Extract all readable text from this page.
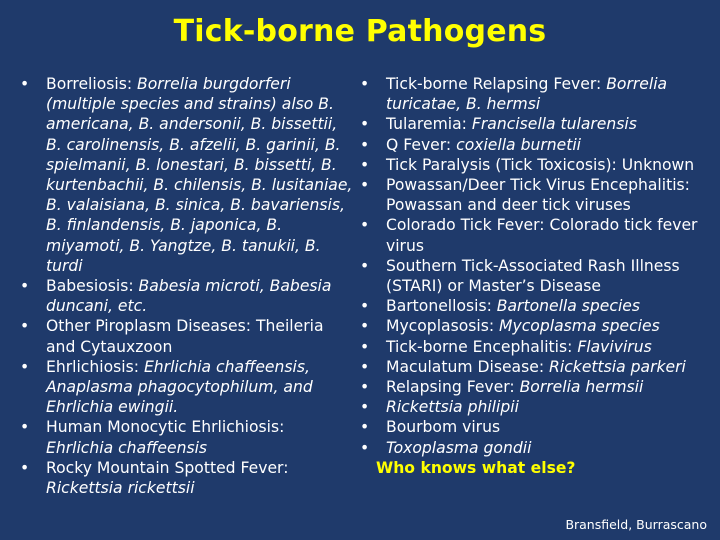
Tick-borne Pathogens
• Borreliosis: Borrelia burgdorferi (multiple species and strains) also B. americana, B. andersonii, B. bissettii, B. carolinensis, B. afzelii, B. garinii, B. spielmanii, B. lonestari, B. bissetti, B. kurtenbachii, B. chilensis, B. lusitaniae, B. valaisiana, B. sinica, B. bavariensis, B. finlandensis, B. japonica, B. miyamoti, B. Yangtze, B. tanukii, B. turdi
• Babesiosis: Babesia microti, Babesia duncani, etc.
• Other Piroplasm Diseases: Theileria and Cytauxzoon
• Ehrlichiosis: Ehrlichia chaffeensis, Anaplasma phagocytophilum, and Ehrlichia ewingii.
• Human Monocytic Ehrlichiosis: Ehrlichia chaffeensis
• Rocky Mountain Spotted Fever: Rickettsia rickettsii
• Tick-borne Relapsing Fever: Borrelia turicatae, B. hermsi
• Tularemia: Francisella tularensis
• Q Fever: coxiella burnetii
• Tick Paralysis (Tick Toxicosis): Unknown
• Powassan/Deer Tick Virus Encephalitis: Powassan and deer tick viruses
• Colorado Tick Fever: Colorado tick fever virus
• Southern Tick-Associated Rash Illness (STARI) or Master’s Disease
• Bartonellosis: Bartonella species
• Mycoplasosis: Mycoplasma species
• Tick-borne Encephalitis: Flavivirus
• Maculatum Disease: Rickettsia parkeri
• Relapsing Fever: Borrelia hermsii
• Rickettsia philipii
• Bourbom virus
• Toxoplasma gondii
Who knows what else?
Bransfield, Burrascano
